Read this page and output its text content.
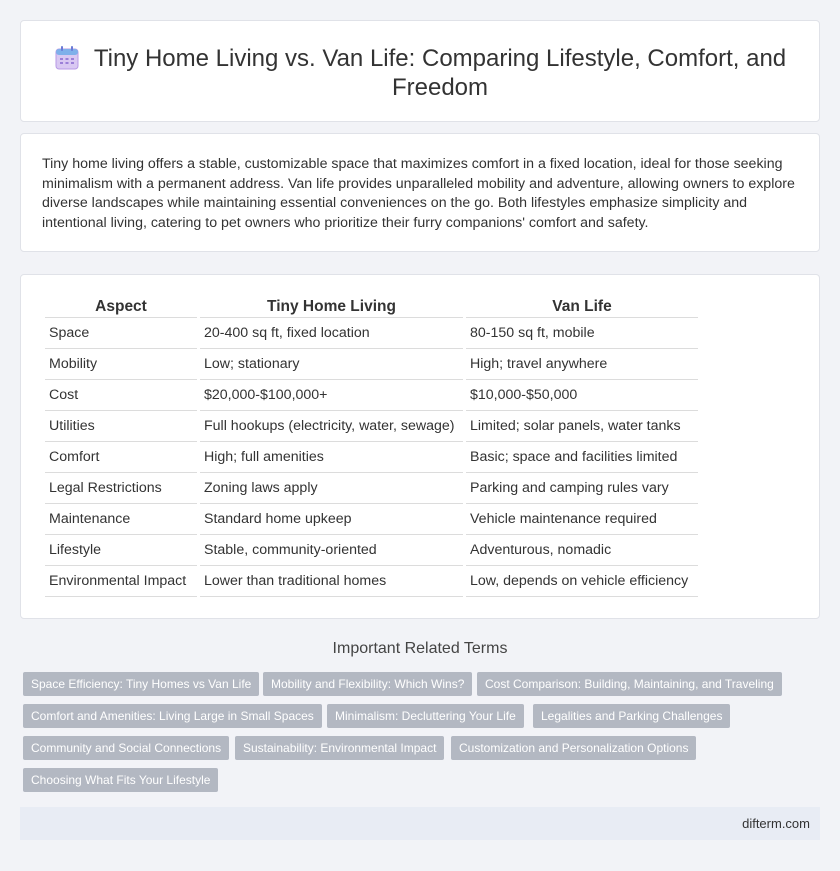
Tiny Home Living vs. Van Life: Comparing Lifestyle, Comfort, and Freedom

Tiny home living offers a stable, customizable space that maximizes comfort in a fixed location, ideal for those seeking minimalism with a permanent address. Van life provides unparalleled mobility and adventure, allowing owners to explore diverse landscapes while maintaining essential conveniences on the go. Both lifestyles emphasize simplicity and intentional living, catering to pet owners who prioritize their furry companions' comfort and safety.

Aspect	Tiny Home Living	Van Life
Space	20-400 sq ft, fixed location	80-150 sq ft, mobile
Mobility	Low; stationary	High; travel anywhere
Cost	$20,000-$100,000+	$10,000-$50,000
Utilities	Full hookups (electricity, water, sewage)	Limited; solar panels, water tanks
Comfort	High; full amenities	Basic; space and facilities limited
Legal Restrictions	Zoning laws apply	Parking and camping rules vary
Maintenance	Standard home upkeep	Vehicle maintenance required
Lifestyle	Stable, community-oriented	Adventurous, nomadic
Environmental Impact	Lower than traditional homes	Low, depends on vehicle efficiency
Important Related Terms
Space Efficiency: Tiny Homes vs Van Life	Mobility and Flexibility: Which Wins?	Cost Comparison: Building, Maintaining, and Traveling
Comfort and Amenities: Living Large in Small Spaces	Minimalism: Decluttering Your Life	Legalities and Parking Challenges
Community and Social Connections	Sustainability: Environmental Impact	Customization and Personalization Options
Choosing What Fits Your Lifestyle
difterm.com
